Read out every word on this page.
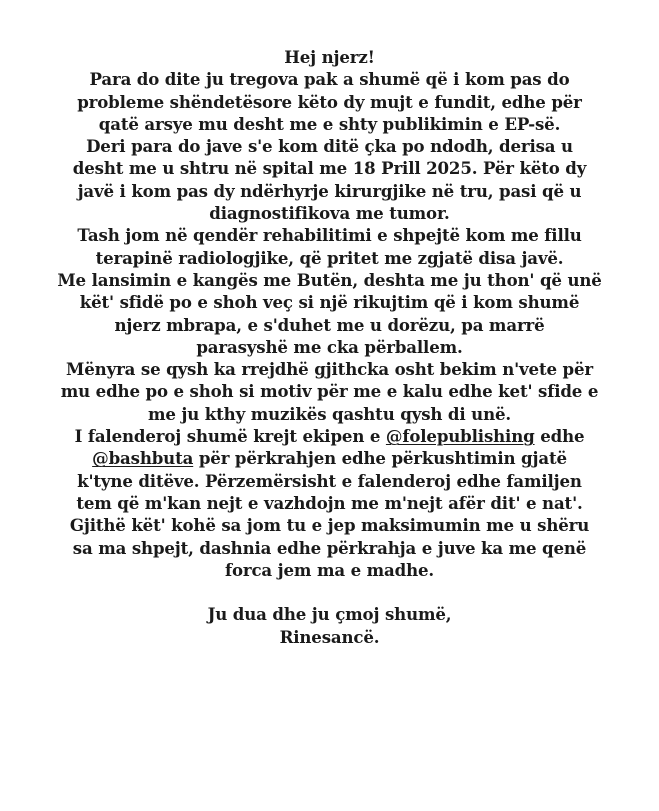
Hej njerz!
Para do dite ju tregova pak a shumë që i kom pas do
probleme shëndetësore këto dy mujt e fundit, edhe për
qatë arsye mu desht me e shty publikimin e EP-së.
Deri para do jave s'e kom ditë çka po ndodh, derisa u
desht me u shtru në spital me 18 Prill 2025. Për këto dy
javë i kom pas dy ndërhyrje kirurgjike në tru, pasi që u
diagnostifikova me tumor.
Tash jom në qendër rehabilitimi e shpejtë kom me fillu
terapinë radiologjike, që pritet me zgjatë disa javë.
Me lansimin e kangës me Butën, deshta me ju thon' që unë
kët' sfidë po e shoh veç si një rikujtim që i kom shumë
njerz mbrapa, e s'duhet me u dorëzu, pa marrë
parasyshë me cka përballem.
Mënyra se qysh ka rrejdhë gjithcka osht bekim n'vete për
mu edhe po e shoh si motiv për me e kalu edhe ket' sfide e
me ju kthy muzikës qashtu qysh di unë.
I falenderoj shumë krejt ekipen e @folepublishing edhe
@bashbuta për përkrahjen edhe përkushtimin gjatë
k'tyne ditëve. Përzemërsisht e falenderoj edhe familjen
tem që m'kan nejt e vazhdojn me m'nejt afër dit' e nat'.
Gjithë kët' kohë sa jom tu e jep maksimumin me u shëru
sa ma shpejt, dashnia edhe përkrahja e juve ka me qenë
forca jem ma e madhe.
Ju dua dhe ju çmoj shumë,
Rinesancë.
